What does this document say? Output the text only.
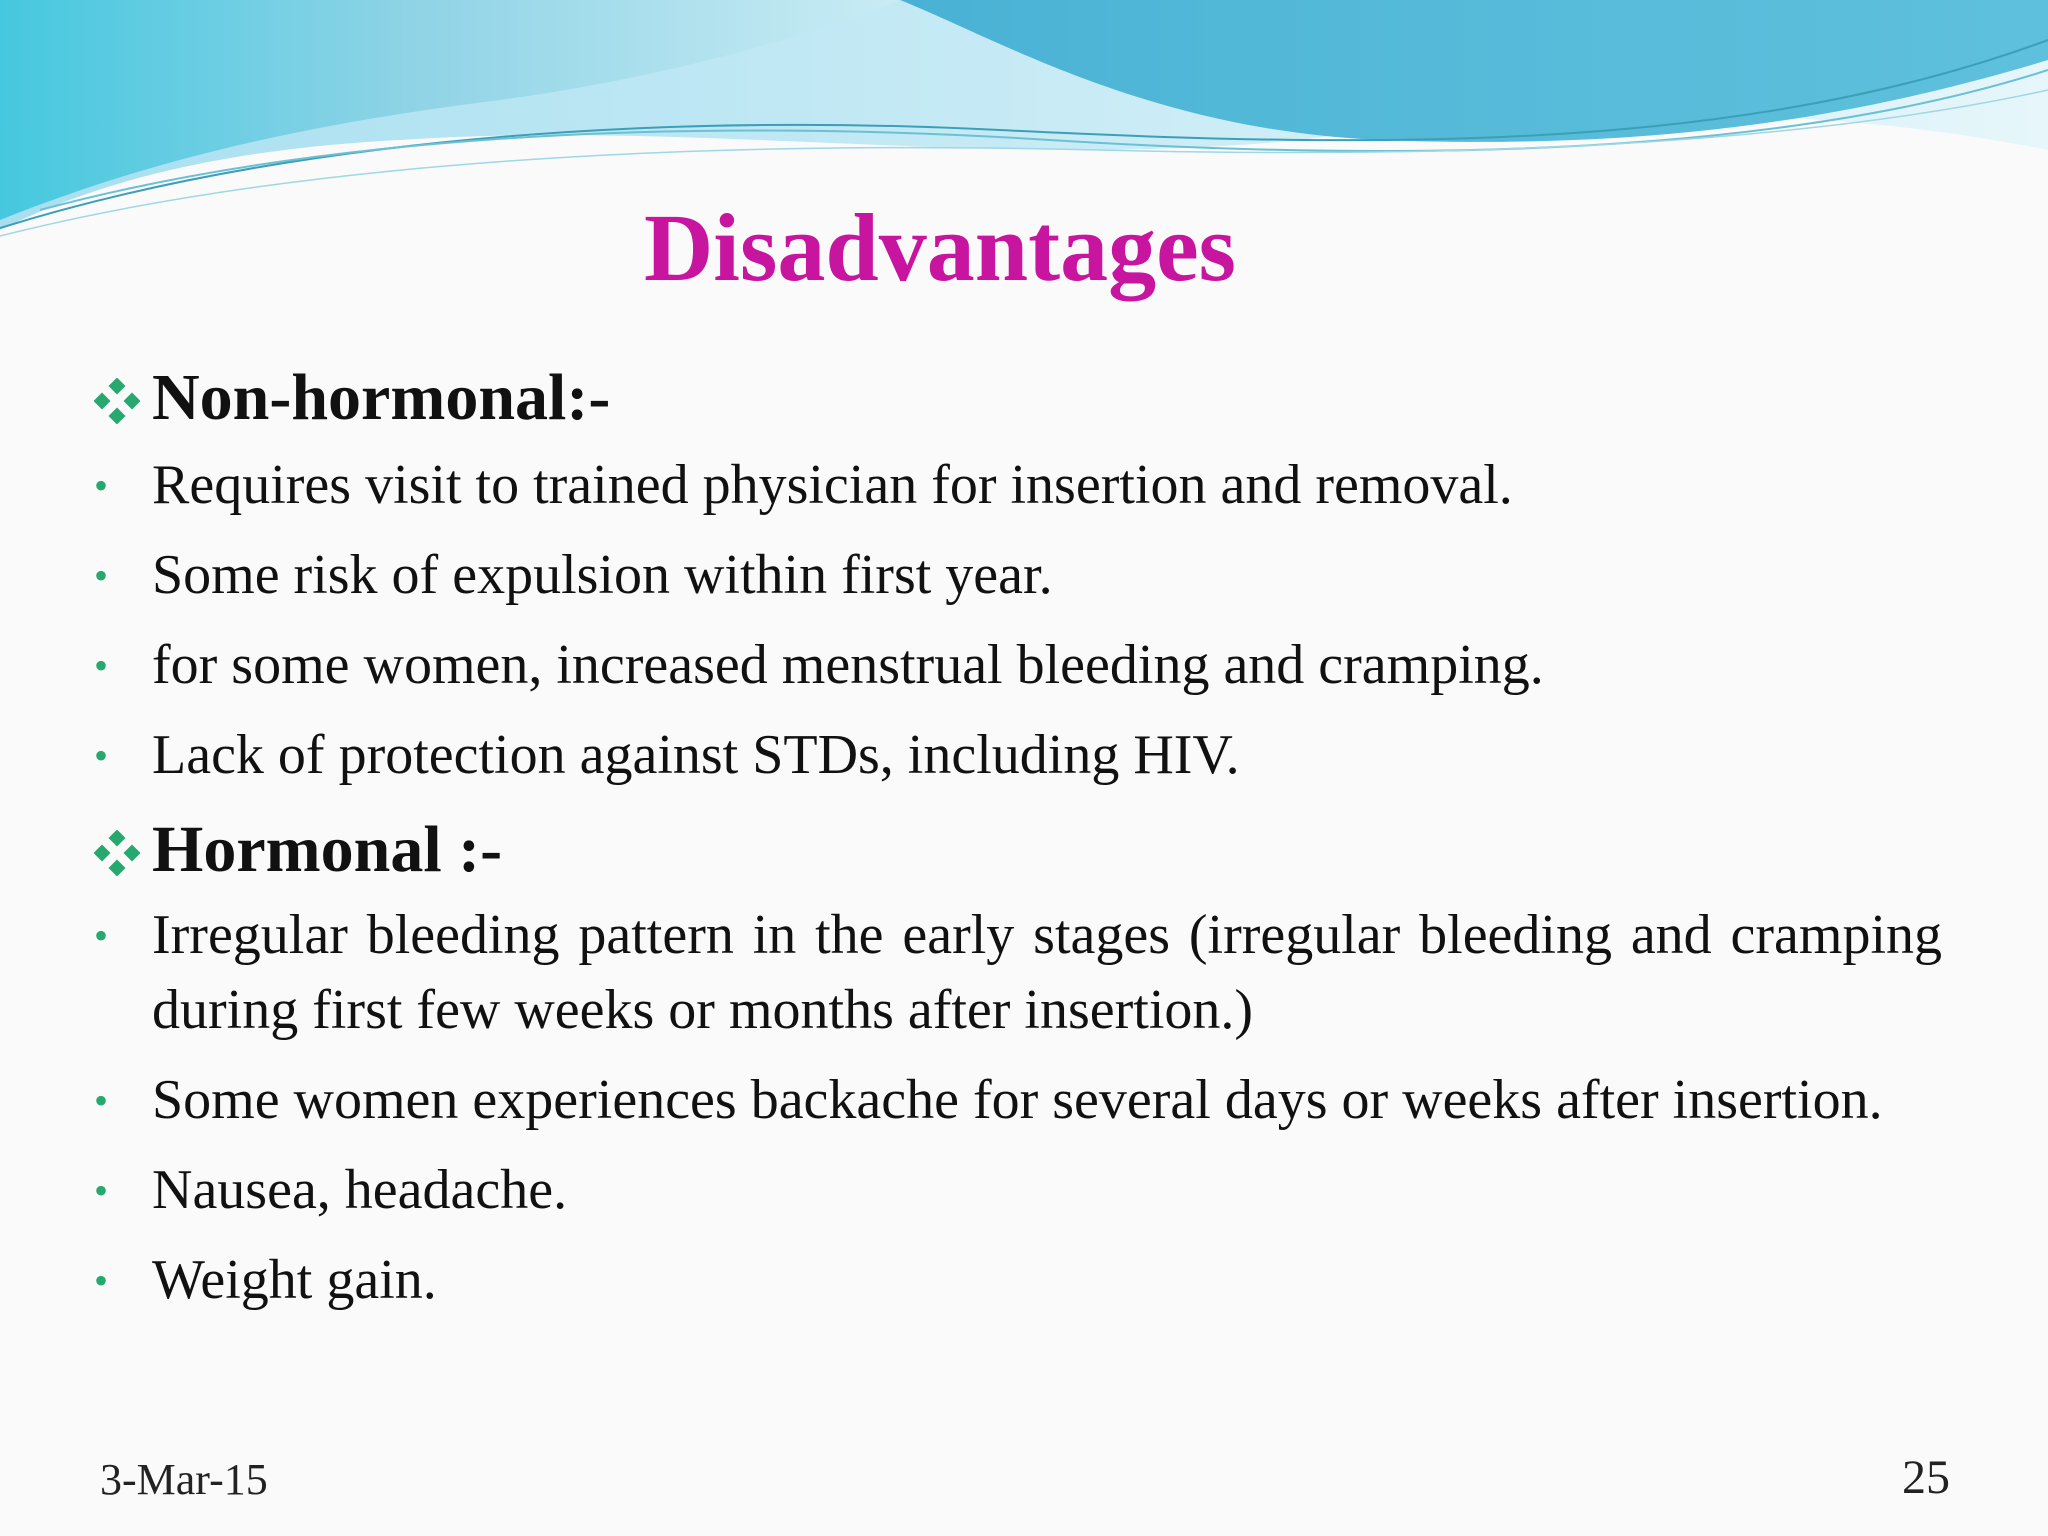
Disadvantages
Non-hormonal:-
• Requires visit to trained physician for insertion and removal.
• Some risk of expulsion within first year.
• for some women, increased menstrual bleeding and cramping.
• Lack of protection against STDs, including HIV.
Hormonal :-
• Irregular bleeding pattern in the early stages (irregular bleeding and cramping during first few weeks or months after insertion.)
• Some women experiences backache for several days or weeks after insertion.
• Nausea, headache.
• Weight gain.
3-Mar-15	25
